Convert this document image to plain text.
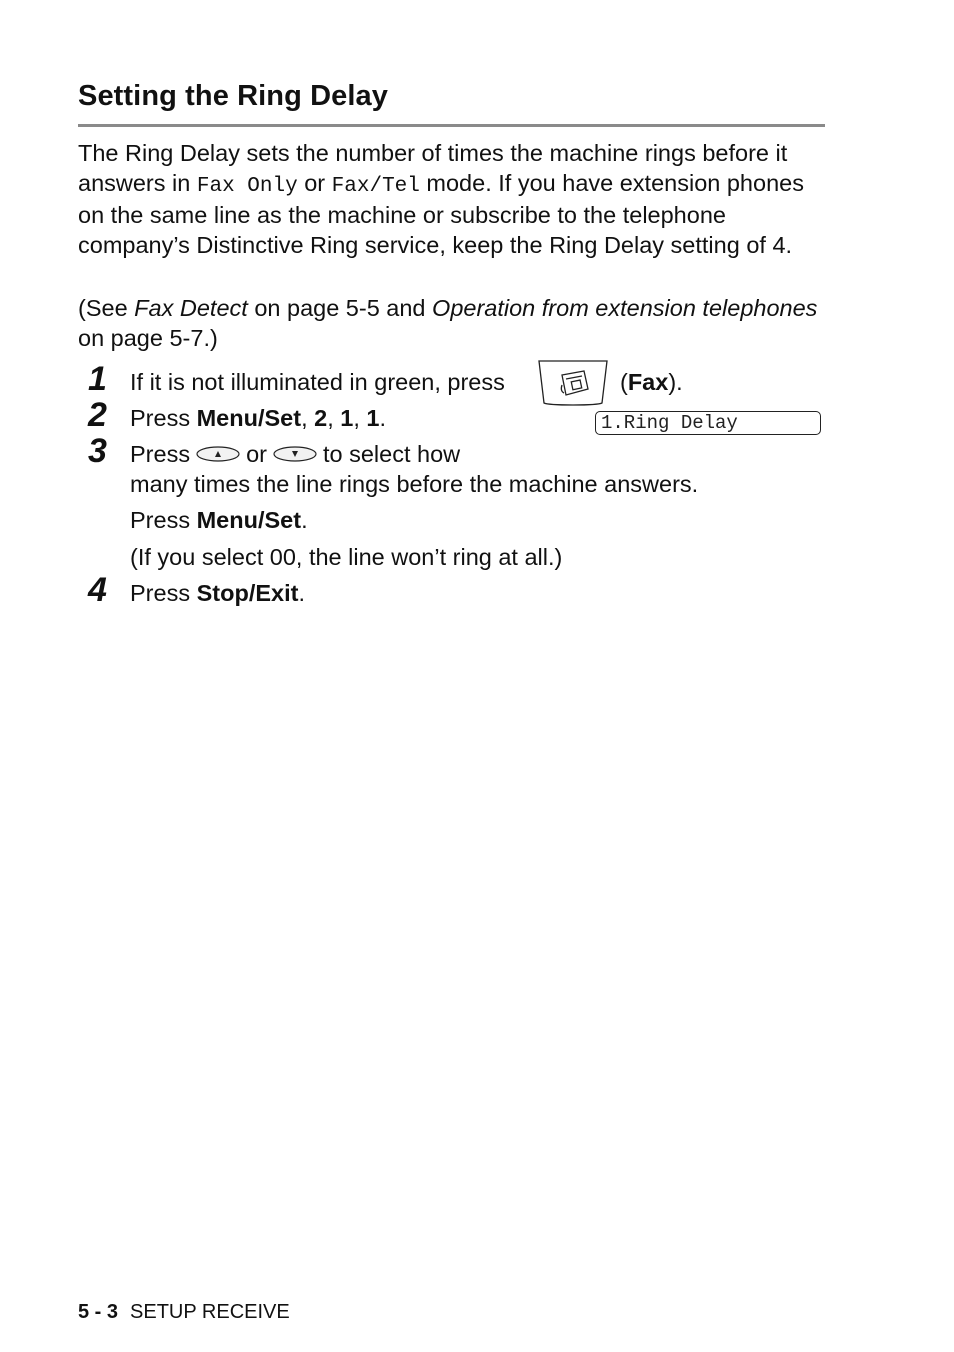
Setting the Ring Delay

The Ring Delay sets the number of times the machine rings before it answers in Fax Only or Fax/Tel mode. If you have extension phones on the same line as the machine or subscribe to the telephone company’s Distinctive Ring service, keep the Ring Delay setting of 4.

(See Fax Detect on page 5-5 and Operation from extension telephones on page 5-7.)

1 If it is not illuminated in green, press	(Fax).
2 Press Menu/Set, 2, 1, 1.	1.Ring Delay
3 Press or to select how
many times the line rings before the machine answers.
Press Menu/Set.
(If you select 00, the line won’t ring at all.)
4 Press Stop/Exit.
5 - 3 SETUP RECEIVE
